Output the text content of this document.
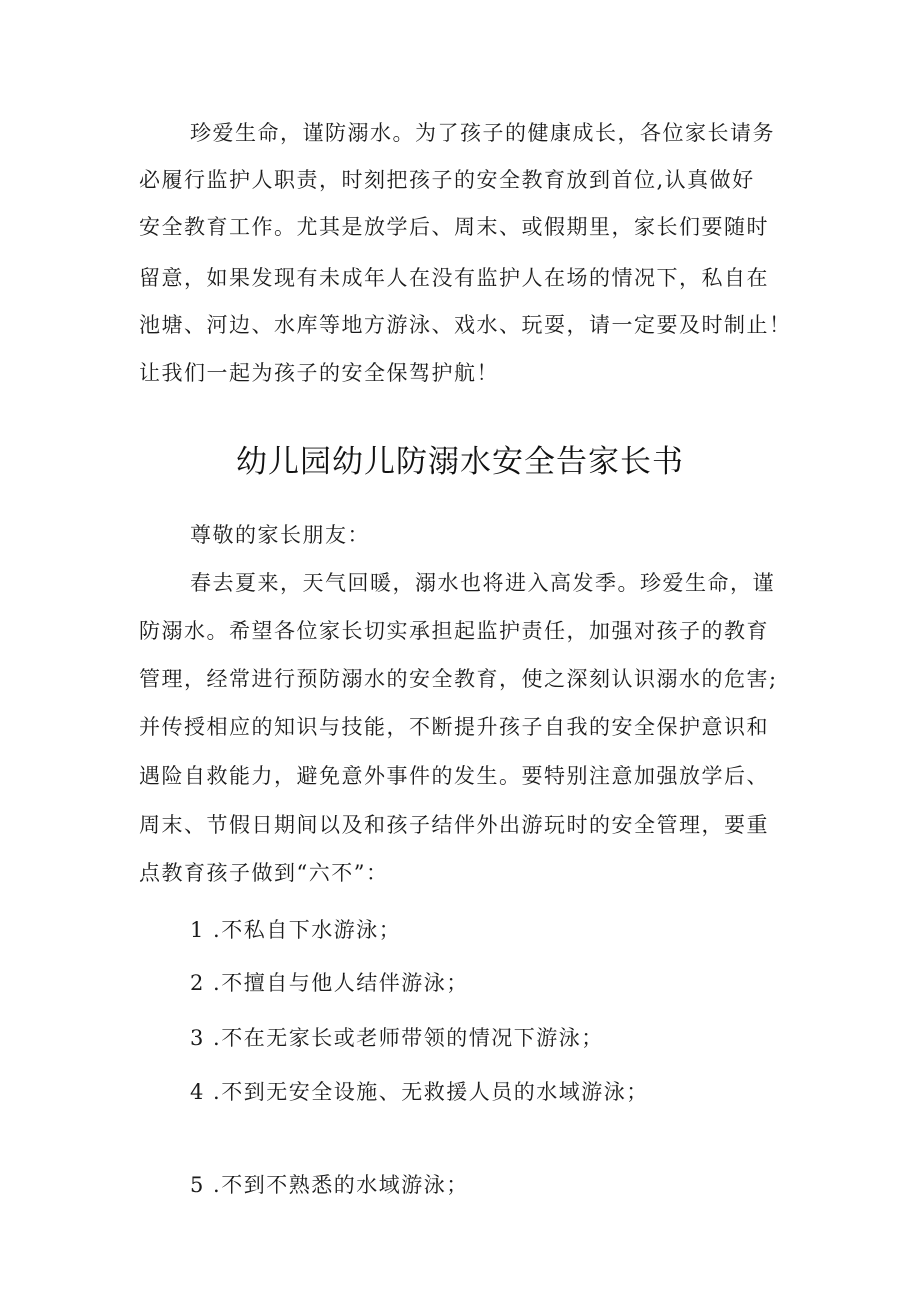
珍爱生命，谨防溺水。为了孩子的健康成长，各位家长请务
必履行监护人职责，时刻把孩子的安全教育放到首位,认真做好
安全教育工作。尤其是放学后、周末、或假期里，家长们要随时
留意，如果发现有未成年人在没有监护人在场的情况下，私自在
池塘、河边、水库等地方游泳、戏水、玩耍，请一定要及时制止！
让我们一起为孩子的安全保驾护航！
幼儿园幼儿防溺水安全告家长书
尊敬的家长朋友：
春去夏来，天气回暖，溺水也将进入高发季。珍爱生命，谨
防溺水。希望各位家长切实承担起监护责任，加强对孩子的教育
管理，经常进行预防溺水的安全教育，使之深刻认识溺水的危害;
并传授相应的知识与技能，不断提升孩子自我的安全保护意识和
遇险自救能力，避免意外事件的发生。要特别注意加强放学后、
周末、节假日期间以及和孩子结伴外出游玩时的安全管理，要重
点教育孩子做到“六不”：
1 .不私自下水游泳；
2 .不擅自与他人结伴游泳；
3 .不在无家长或老师带领的情况下游泳；
4 .不到无安全设施、无救援人员的水域游泳；
5 .不到不熟悉的水域游泳；
